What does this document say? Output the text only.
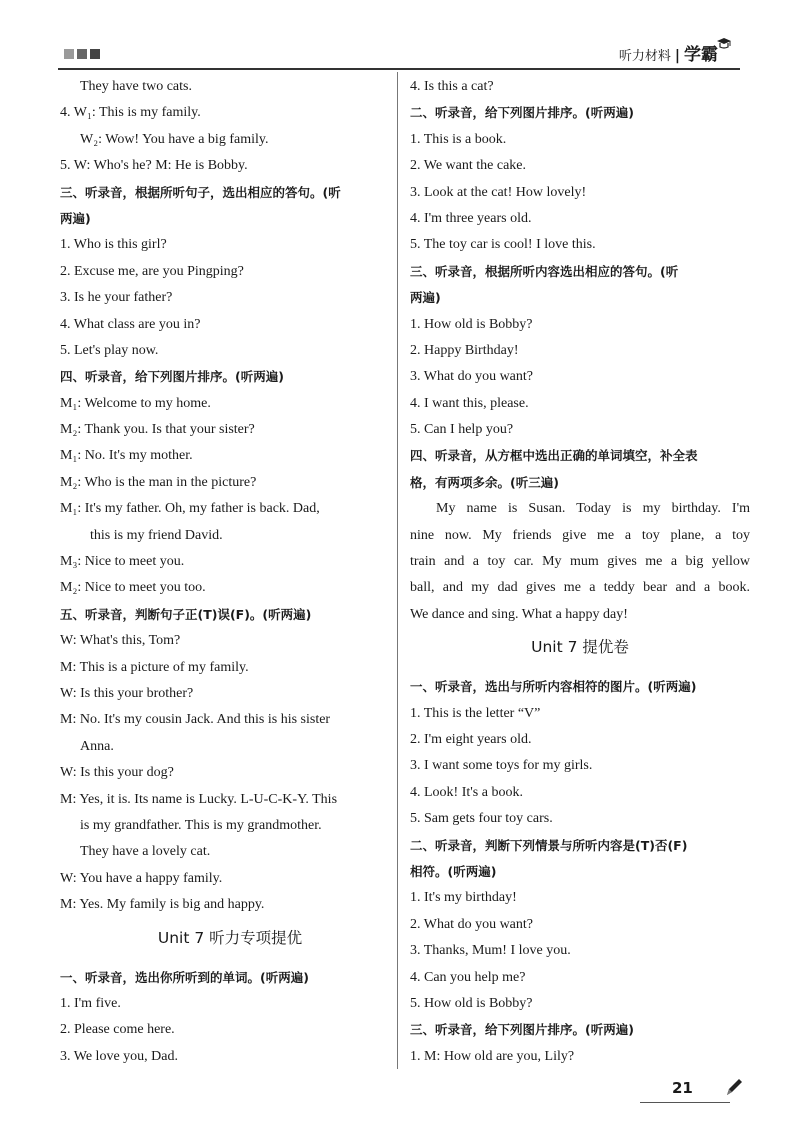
听力材料 | 学霸
They have two cats.
4. W₁: This is my family.
W₂: Wow! You have a big family.
5. W: Who's he? M: He is Bobby.
三、听录音，根据所听句子，选出相应的答句。(听
两遍)
1. Who is this girl?
2. Excuse me, are you Pingping?
3. Is he your father?
4. What class are you in?
5. Let's play now.
四、听录音，给下列图片排序。(听两遍)
M₁: Welcome to my home.
M₂: Thank you. Is that your sister?
M₁: No. It's my mother.
M₂: Who is the man in the picture?
M₁: It's my father. Oh, my father is back. Dad,
this is my friend David.
M₃: Nice to meet you.
M₂: Nice to meet you too.
五、听录音，判断句子正(T)误(F)。(听两遍)
W: What's this, Tom?
M: This is a picture of my family.
W: Is this your brother?
M: No. It's my cousin Jack. And this is his sister
Anna.
W: Is this your dog?
M: Yes, it is. Its name is Lucky. L-U-C-K-Y. This
is my grandfather. This is my grandmother.
They have a lovely cat.
W: You have a happy family.
M: Yes. My family is big and happy.
Unit 7 听力专项提优
一、听录音，选出你所听到的单词。(听两遍)
1. I'm five.
2. Please come here.
3. We love you, Dad.
4. Is this a cat?
二、听录音，给下列图片排序。(听两遍)
1. This is a book.
2. We want the cake.
3. Look at the cat! How lovely!
4. I'm three years old.
5. The toy car is cool! I love this.
三、听录音，根据所听内容选出相应的答句。(听
两遍)
1. How old is Bobby?
2. Happy Birthday!
3. What do you want?
4. I want this, please.
5. Can I help you?
四、听录音，从方框中选出正确的单词填空，补全表
格，有两项多余。(听三遍)
My name is Susan. Today is my birthday. I'm
nine now. My friends give me a toy plane, a toy
train and a toy car. My mum gives me a big yellow
ball, and my dad gives me a teddy bear and a book.
We dance and sing. What a happy day!
Unit 7 提优卷
一、听录音，选出与所听内容相符的图片。(听两遍)
1. This is the letter “V”
2. I'm eight years old.
3. I want some toys for my girls.
4. Look! It's a book.
5. Sam gets four toy cars.
二、听录音，判断下列情景与所听内容是(T)否(F)
相符。(听两遍)
1. It's my birthday!
2. What do you want?
3. Thanks, Mum! I love you.
4. Can you help me?
5. How old is Bobby?
三、听录音，给下列图片排序。(听两遍)
1. M: How old are you, Lily?
21
